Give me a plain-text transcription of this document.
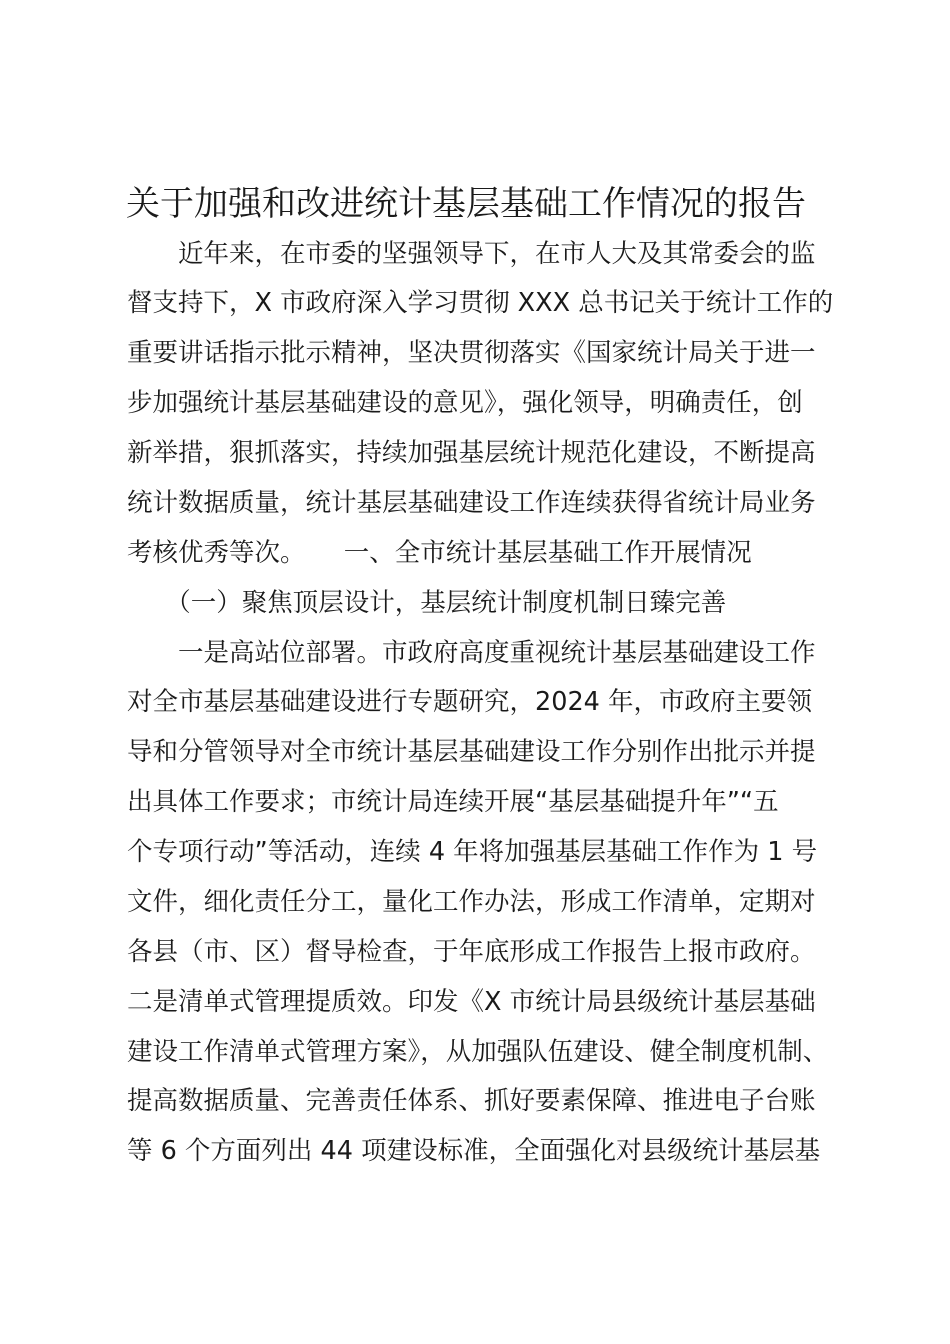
关于加强和改进统计基层基础工作情况的报告
　　近年来，在市委的坚强领导下，在市人大及其常委会的监
督支持下，X 市政府深入学习贯彻 XXX 总书记关于统计工作的
重要讲话指示批示精神，坚决贯彻落实《国家统计局关于进一
步加强统计基层基础建设的意见》，强化领导，明确责任，创
新举措，狠抓落实，持续加强基层统计规范化建设，不断提高
统计数据质量，统计基层基础建设工作连续获得省统计局业务
考核优秀等次。　　一、全市统计基层基础工作开展情况
　　（一）聚焦顶层设计，基层统计制度机制日臻完善
　　一是高站位部署。市政府高度重视统计基层基础建设工作
对全市基层基础建设进行专题研究，2024 年，市政府主要领
导和分管领导对全市统计基层基础建设工作分别作出批示并提
出具体工作要求；市统计局连续开展“基层基础提升年”“五
个专项行动”等活动，连续 4 年将加强基层基础工作作为 1 号
文件，细化责任分工，量化工作办法，形成工作清单，定期对
各县（市、区）督导检查，于年底形成工作报告上报市政府。
二是清单式管理提质效。印发《X 市统计局县级统计基层基础
建设工作清单式管理方案》，从加强队伍建设、健全制度机制、
提高数据质量、完善责任体系、抓好要素保障、推进电子台账
等 6 个方面列出 44 项建设标准，全面强化对县级统计基层基
